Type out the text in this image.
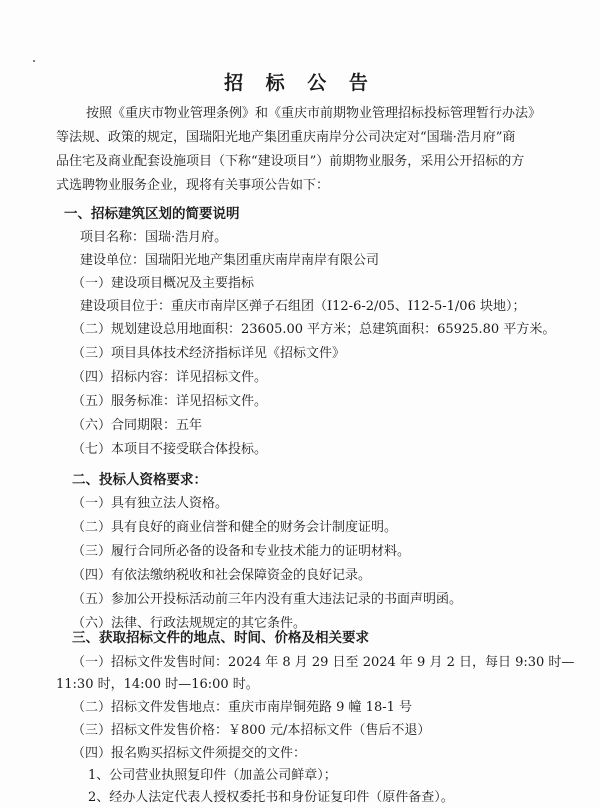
招 标 公 告
按照《重庆市物业管理条例》和《重庆市前期物业管理招标投标管理暂行办法》
等法规、政策的规定，国瑞阳光地产集团重庆南岸分公司决定对“国瑞·浩月府”商
品住宅及商业配套设施项目（下称“建设项目”）前期物业服务，采用公开招标的方
式选聘物业服务企业，现将有关事项公告如下：
一、招标建筑区划的简要说明
项目名称：国瑞·浩月府。
建设单位：国瑞阳光地产集团重庆南岸南岸有限公司
（一）建设项目概况及主要指标
建设项目位于：重庆市南岸区弹子石组团（I12-6-2/05、I12-5-1/06 块地）；
（二）规划建设总用地面积：23605.00 平方米；总建筑面积：65925.80 平方米。
（三）项目具体技术经济指标详见《招标文件》
（四）招标内容：详见招标文件。
（五）服务标准：详见招标文件。
（六）合同期限：五年
（七）本项目不接受联合体投标。
二、投标人资格要求：
（一）具有独立法人资格。
（二）具有良好的商业信誉和健全的财务会计制度证明。
（三）履行合同所必备的设备和专业技术能力的证明材料。
（四）有依法缴纳税收和社会保障资金的良好记录。
（五）参加公开投标活动前三年内没有重大违法记录的书面声明函。
（六）法律、行政法规规定的其它条件。
三、获取招标文件的地点、时间、价格及相关要求
（一）招标文件发售时间：2024 年 8 月 29 日至 2024 年 9 月 2 日，每日 9:30 时—
11:30 时，14:00 时—16:00 时。
（二）招标文件发售地点：重庆市南岸铜苑路 9 幢 18-1 号
（三）招标文件发售价格：￥800 元/本招标文件（售后不退）
（四）报名购买招标文件须提交的文件：
1、公司营业执照复印件（加盖公司鲜章）；
2、经办人法定代表人授权委托书和身份证复印件（原件备查）。
